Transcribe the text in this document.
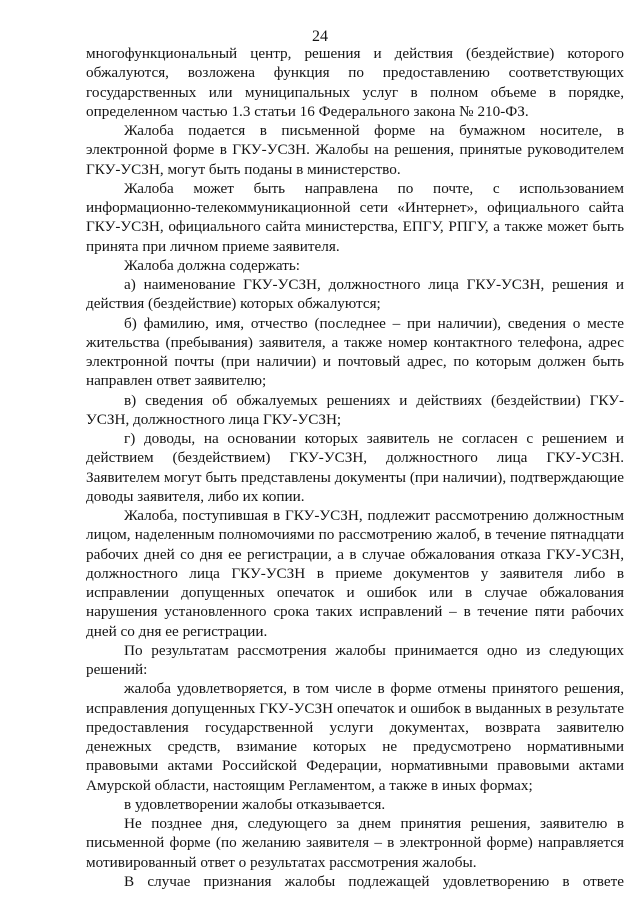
24

многофункциональный центр, решения и действия (бездействие) которого обжалуются, возложена функция по предоставлению соответствующих государственных или муниципальных услуг в полном объеме в порядке, определенном частью 1.3 статьи 16 Федерального закона № 210-ФЗ.

Жалоба подается в письменной форме на бумажном носителе, в электронной форме в ГКУ-УСЗН. Жалобы на решения, принятые руководителем ГКУ-УСЗН, могут быть поданы в министерство.

Жалоба может быть направлена по почте, с использованием информационно-телекоммуникационной сети «Интернет», официального сайта ГКУ-УСЗН, официального сайта министерства, ЕПГУ, РПГУ, а также может быть принята при личном приеме заявителя.

Жалоба должна содержать:

а) наименование ГКУ-УСЗН, должностного лица ГКУ-УСЗН, решения и действия (бездействие) которых обжалуются;

б) фамилию, имя, отчество (последнее – при наличии), сведения о месте жительства (пребывания) заявителя, а также номер контактного телефона, адрес электронной почты (при наличии) и почтовый адрес, по которым должен быть направлен ответ заявителю;

в) сведения об обжалуемых решениях и действиях (бездействии) ГКУ-УСЗН, должностного лица ГКУ-УСЗН;

г) доводы, на основании которых заявитель не согласен с решением и действием (бездействием) ГКУ-УСЗН, должностного лица ГКУ-УСЗН. Заявителем могут быть представлены документы (при наличии), подтверждающие доводы заявителя, либо их копии.

Жалоба, поступившая в ГКУ-УСЗН, подлежит рассмотрению должностным лицом, наделенным полномочиями по рассмотрению жалоб, в течение пятнадцати рабочих дней со дня ее регистрации, а в случае обжалования отказа ГКУ-УСЗН, должностного лица ГКУ-УСЗН в приеме документов у заявителя либо в исправлении допущенных опечаток и ошибок или в случае обжалования нарушения установленного срока таких исправлений – в течение пяти рабочих дней со дня ее регистрации.

По результатам рассмотрения жалобы принимается одно из следующих решений:

жалоба удовлетворяется, в том числе в форме отмены принятого решения, исправления допущенных ГКУ-УСЗН опечаток и ошибок в выданных в результате предоставления государственной услуги документах, возврата заявителю денежных средств, взимание которых не предусмотрено нормативными правовыми актами Российской Федерации, нормативными правовыми актами Амурской области, настоящим Регламентом, а также в иных формах;

в удовлетворении жалобы отказывается.

Не позднее дня, следующего за днем принятия решения, заявителю в письменной форме (по желанию заявителя – в электронной форме) направляется мотивированный ответ о результатах рассмотрения жалобы.

В случае признания жалобы подлежащей удовлетворению в ответе
